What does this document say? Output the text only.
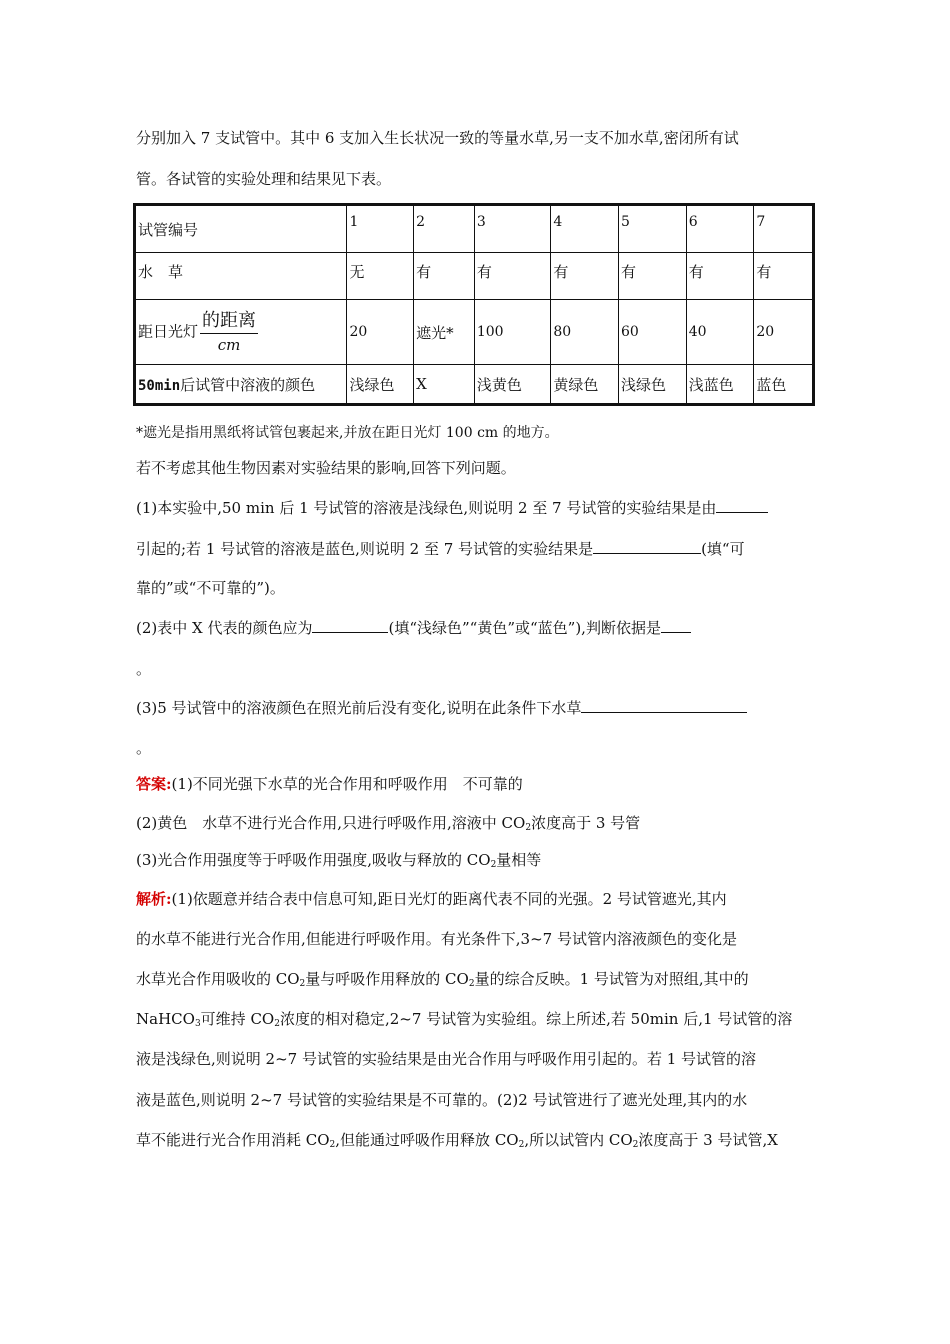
分别加入 7 支试管中。其中 6 支加入生长状况一致的等量水草,另一支不加水草,密闭所有试
管。各试管的实验处理和结果见下表。
试管编号	1	2	3	4	5	6	7
水　草	无	有	有	有	有	有	有
距日光灯 $\frac{\text{的距离}}{cm}$	20	遮光*	100	80	60	40	20
50min后试管中溶液的颜色	浅绿色	X	浅黄色	黄绿色	浅绿色	浅蓝色	蓝色
*遮光是指用黑纸将试管包裹起来,并放在距日光灯 100 cm 的地方。
若不考虑其他生物因素对实验结果的影响,回答下列问题。
(1)本实验中,50 min 后 1 号试管的溶液是浅绿色,则说明 2 至 7 号试管的实验结果是由
引起的;若 1 号试管的溶液是蓝色,则说明 2 至 7 号试管的实验结果是	(填“可
靠的”或“不可靠的”)。
(2)表中 X 代表的颜色应为	(填“浅绿色”“黄色”或“蓝色”),判断依据是
。
(3)5 号试管中的溶液颜色在照光前后没有变化,说明在此条件下水草
。
答案:(1)不同光强下水草的光合作用和呼吸作用　不可靠的
(2)黄色　水草不进行光合作用,只进行呼吸作用,溶液中 $CO_2$浓度高于 3 号管
(3)光合作用强度等于呼吸作用强度,吸收与释放的 $CO_2$量相等
解析:(1)依题意并结合表中信息可知,距日光灯的距离代表不同的光强。2 号试管遮光,其内
的水草不能进行光合作用,但能进行呼吸作用。有光条件下,3~7 号试管内溶液颜色的变化是
水草光合作用吸收的 $CO_2$量与呼吸作用释放的 $CO_2$量的综合反映。1 号试管为对照组,其中的
NaHCO$_3$可维持 $CO_2$浓度的相对稳定,2~7 号试管为实验组。综上所述,若 50min 后,1 号试管的溶
液是浅绿色,则说明 2~7 号试管的实验结果是由光合作用与呼吸作用引起的。若 1 号试管的溶
液是蓝色,则说明 2~7 号试管的实验结果是不可靠的。(2)2 号试管进行了遮光处理,其内的水
草不能进行光合作用消耗 $CO_2$,但能通过呼吸作用释放 $CO_2$,所以试管内 $CO_2$浓度高于 3 号试管,X
